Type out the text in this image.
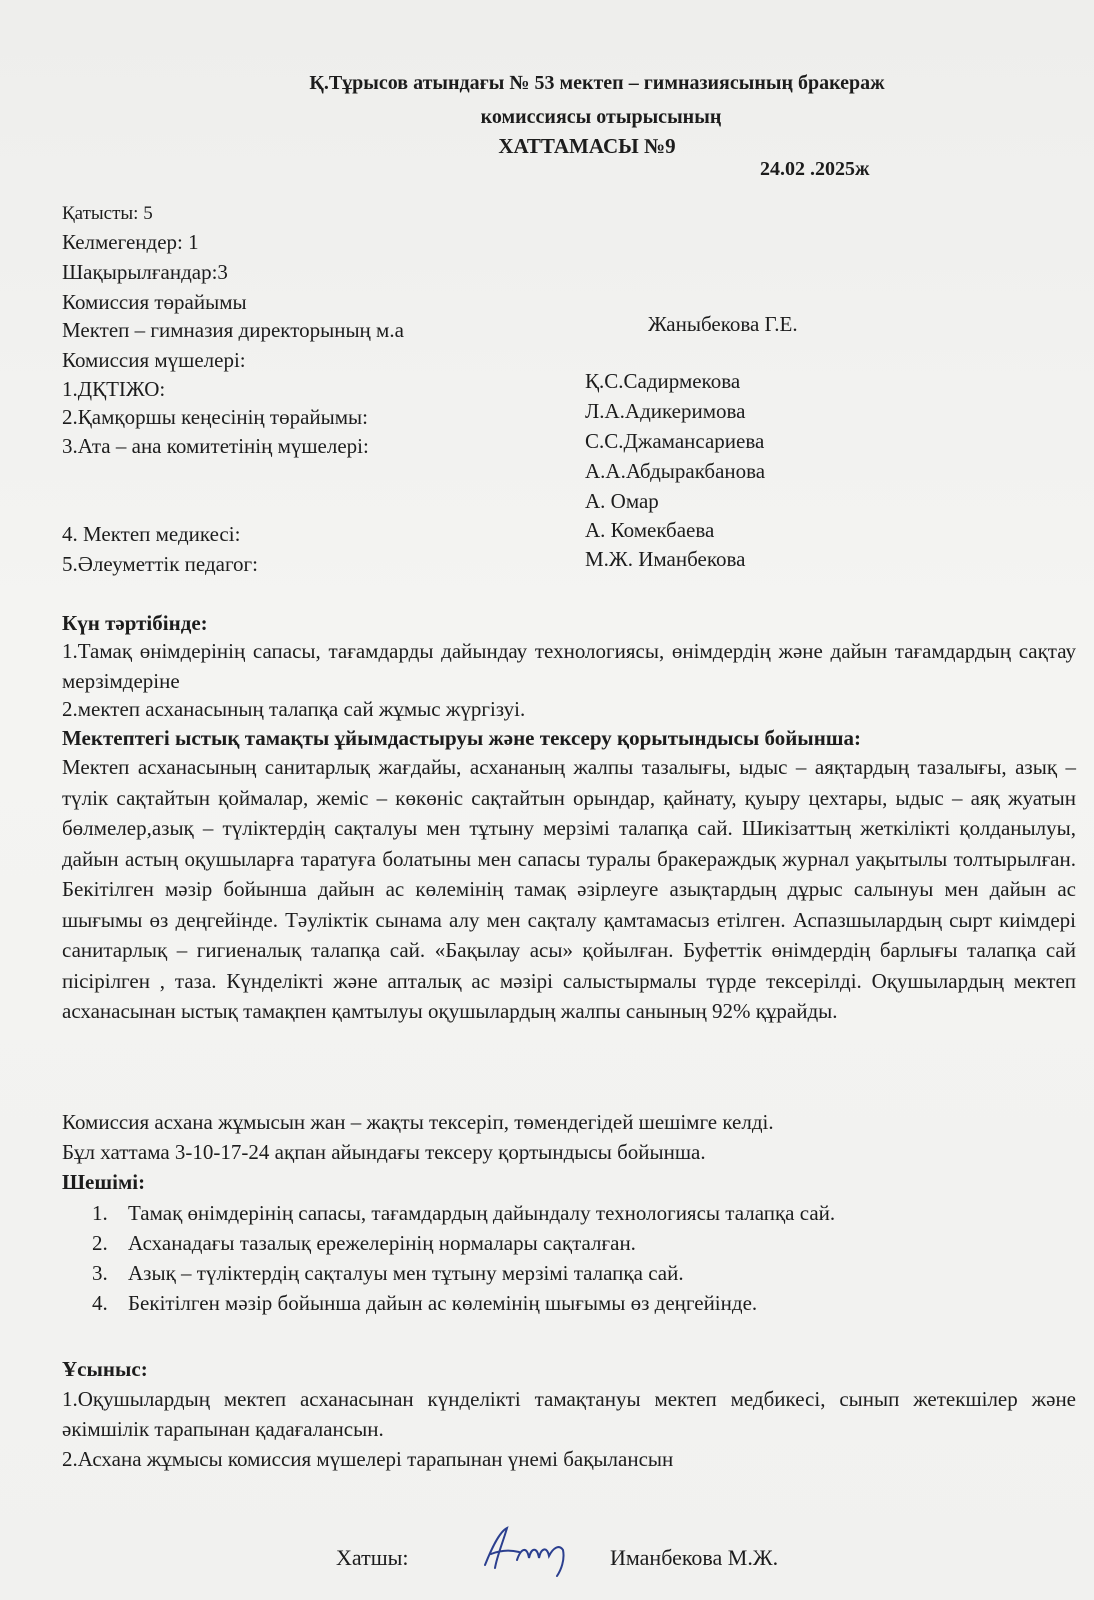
Қ.Тұрысов атындағы № 53 мектеп – гимназиясының бракераж
комиссиясы отырысының
ХАТТАМАСЫ №9
24.02 .2025ж
Қатысты: 5
Келмегендер: 1
Шақырылғандар:3
Комиссия төрайымы
Мектеп – гимназия директорының м.а	Жаныбекова Г.Е.
Комиссия мүшелері:
1.ДҚТІЖО:	Қ.С.Садирмекова
2.Қамқоршы кеңесінің төрайымы:	Л.А.Адикеримова
3.Ата – ана комитетінің мүшелері:	С.С.Джамансариева
А.А.Абдыракбанова
А. Омар
4. Мектеп медикесі:	А. Комекбаева
5.Әлеуметтік педагог:	М.Ж. Иманбекова
Күн тәртібінде:
1.Тамақ өнімдерінің сапасы, тағамдарды дайындау технологиясы, өнімдердің және дайын тағамдардың сақтау мерзімдеріне
2.мектеп асханасының талапқа сай жұмыс жүргізуі.
Мектептегі ыстық тамақты ұйымдастыруы және тексеру қорытындысы бойынша:
Мектеп асханасының санитарлық жағдайы, асхананың жалпы тазалығы, ыдыс – аяқтардың тазалығы, азық –түлік сақтайтын қоймалар, жеміс – көкөніс сақтайтын орындар, қайнату, қуыру цехтары, ыдыс – аяқ жуатын бөлмелер,азық – түліктердің сақталуы мен тұтыну мерзімі талапқа сай. Шикізаттың жеткілікті қолданылуы, дайын астың оқушыларға таратуға болатыны мен сапасы туралы бракераждық журнал уақытылы толтырылған. Бекітілген мәзір бойынша дайын ас көлемінің тамақ әзірлеуге азықтардың дұрыс салынуы мен дайын ас шығымы өз деңгейінде. Тәуліктік сынама алу мен сақталу қамтамасыз етілген. Аспазшылардың сырт киімдері санитарлық – гигиеналық талапқа сай. «Бақылау асы» қойылған. Буфеттік өнімдердің барлығы талапқа сай пісірілген , таза. Күнделікті және апталық ас мәзірі салыстырмалы түрде тексерілді. Оқушылардың мектеп асханасынан ыстық тамақпен қамтылуы оқушылардың жалпы санының 92% құрайды.
Комиссия асхана жұмысын жан – жақты тексеріп, төмендегідей шешімге келді.
Бұл хаттама 3-10-17-24 ақпан айындағы тексеру қортындысы бойынша.
Шешімі:
1. Тамақ өнімдерінің сапасы, тағамдардың дайындалу технологиясы талапқа сай.
2. Асханадағы тазалық ережелерінің нормалары сақталған.
3. Азық – түліктердің сақталуы мен тұтыну мерзімі талапқа сай.
4. Бекітілген мәзір бойынша дайын ас көлемінің шығымы өз деңгейінде.
Ұсыныс:
1.Оқушылардың мектеп асханасынан күнделікті тамақтануы мектеп медбикесі, сынып жетекшілер және әкімшілік тарапынан қадағалансын.
2.Асхана жұмысы комиссия мүшелері тарапынан үнемі бақылансын
Хатшы:	Иманбекова М.Ж.
